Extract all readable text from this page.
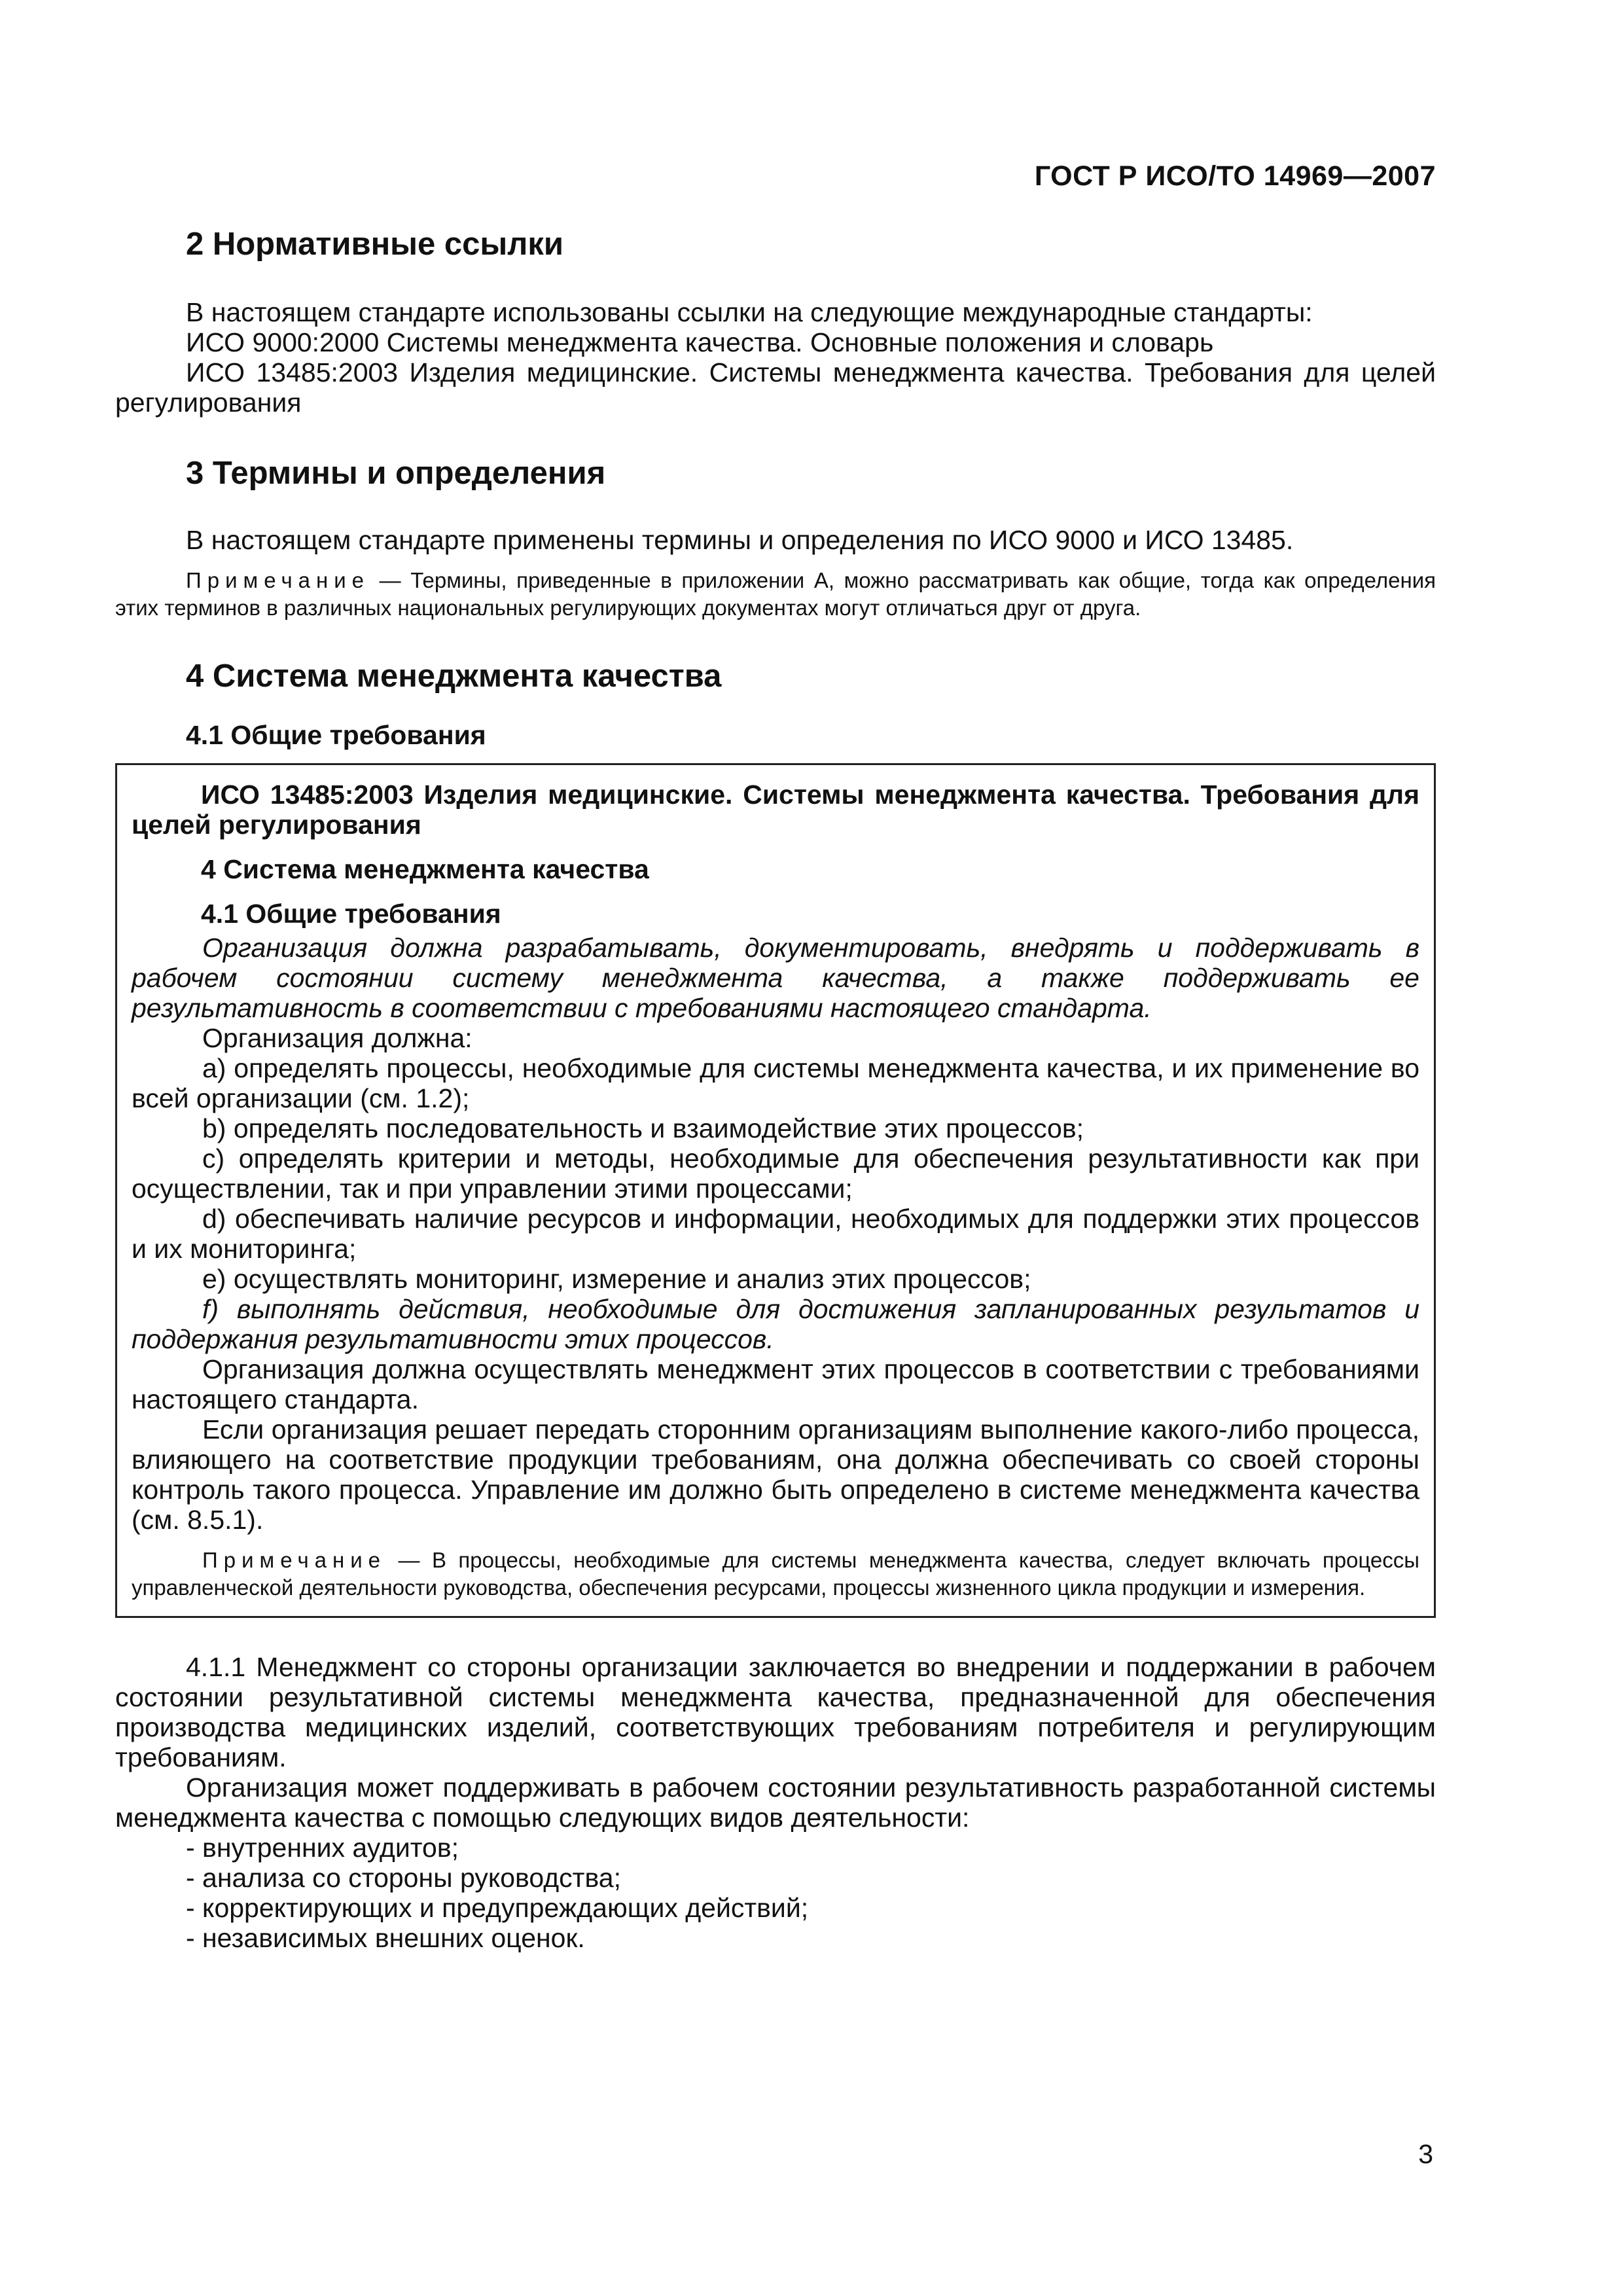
ГОСТ Р ИСО/ТО 14969—2007

2 Нормативные ссылки

В настоящем стандарте использованы ссылки на следующие международные стандарты:

ИСО 9000:2000 Системы менеджмента качества. Основные положения и словарь

ИСО 13485:2003 Изделия медицинские. Системы менеджмента качества. Требования для целей регулирования

3 Термины и определения

В настоящем стандарте применены термины и определения по ИСО 9000 и ИСО 13485.

Примечание — Термины, приведенные в приложении А, можно рассматривать как общие, тогда как определения этих терминов в различных национальных регулирующих документах могут отличаться друг от друга.

4 Система менеджмента качества

4.1 Общие требования

ИСО 13485:2003 Изделия медицинские. Системы менеджмента качества. Требования для целей регулирования

4 Система менеджмента качества

4.1 Общие требования

Организация должна разрабатывать, документировать, внедрять и поддерживать в рабочем состоянии систему менеджмента качества, а также поддерживать ее результативность в соответствии с требованиями настоящего стандарта.

Организация должна:

a) определять процессы, необходимые для системы менеджмента качества, и их применение во всей организации (см. 1.2);

b) определять последовательность и взаимодействие этих процессов;

c) определять критерии и методы, необходимые для обеспечения результативности как при осуществлении, так и при управлении этими процессами;

d) обеспечивать наличие ресурсов и информации, необходимых для поддержки этих процессов и их мониторинга;

e) осуществлять мониторинг, измерение и анализ этих процессов;

f) выполнять действия, необходимые для достижения запланированных результатов и поддержания результативности этих процессов.

Организация должна осуществлять менеджмент этих процессов в соответствии с требованиями настоящего стандарта.

Если организация решает передать сторонним организациям выполнение какого-либо процесса, влияющего на соответствие продукции требованиям, она должна обеспечивать со своей стороны контроль такого процесса. Управление им должно быть определено в системе менеджмента качества (см. 8.5.1).

Примечание — В процессы, необходимые для системы менеджмента качества, следует включать процессы управленческой деятельности руководства, обеспечения ресурсами, процессы жизненного цикла продукции и измерения.

4.1.1 Менеджмент со стороны организации заключается во внедрении и поддержании в рабочем состоянии результативной системы менеджмента качества, предназначенной для обеспечения производства медицинских изделий, соответствующих требованиям потребителя и регулирующим требованиям.

Организация может поддерживать в рабочем состоянии результативность разработанной системы менеджмента качества с помощью следующих видов деятельности:

- внутренних аудитов;

- анализа со стороны руководства;

- корректирующих и предупреждающих действий;

- независимых внешних оценок.

3
